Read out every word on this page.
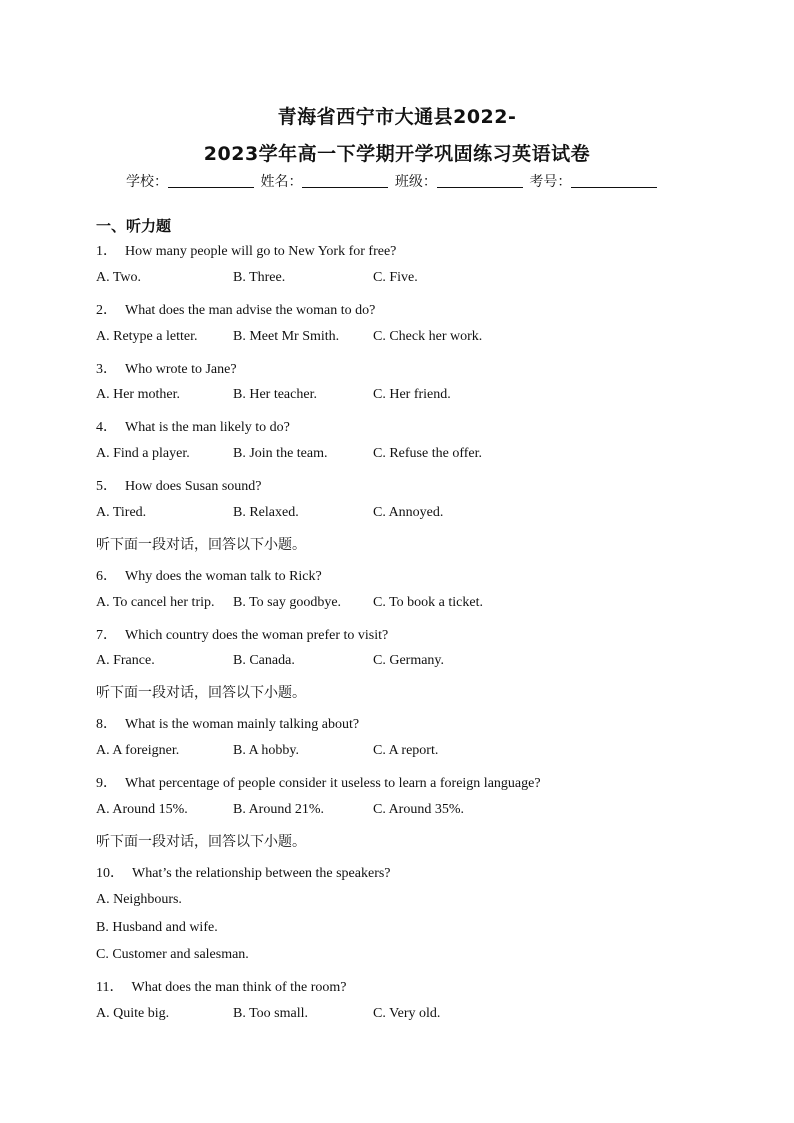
青海省西宁市大通县2022-
2023学年高一下学期开学巩固练习英语试卷
学校：	姓名：	班级：	考号：
一、听力题
1． How many people will go to New York for free?
A. Two.	B. Three.	C. Five.
2． What does the man advise the woman to do?
A. Retype a letter.	B. Meet Mr Smith. C. Check her work.
3． Who wrote to Jane?
A. Her mother.	B. Her teacher.	C. Her friend.
4． What is the man likely to do?
A. Find a player.	B. Join the team.	C. Refuse the offer.
5． How does Susan sound?
A. Tired.	B. Relaxed.	C. Annoyed.
听下面一段对话，回答以下小题。
6． Why does the woman talk to Rick?
A. To cancel her trip. B. To say goodbye. C. To book a ticket.
7． Which country does the woman prefer to visit?
A. France.	B. Canada.	C. Germany.
听下面一段对话，回答以下小题。
8． What is the woman mainly talking about?
A. A foreigner.	B. A hobby.	C. A report.
9． What percentage of people consider it useless to learn a foreign language?
A. Around 15%.	B. Around 21%.	C. Around 35%.
听下面一段对话，回答以下小题。
10． What’s the relationship between the speakers?
A. Neighbours.
B. Husband and wife.
C. Customer and salesman.
11． What does the man think of the room?
A. Quite big.	B. Too small.	C. Very old.
